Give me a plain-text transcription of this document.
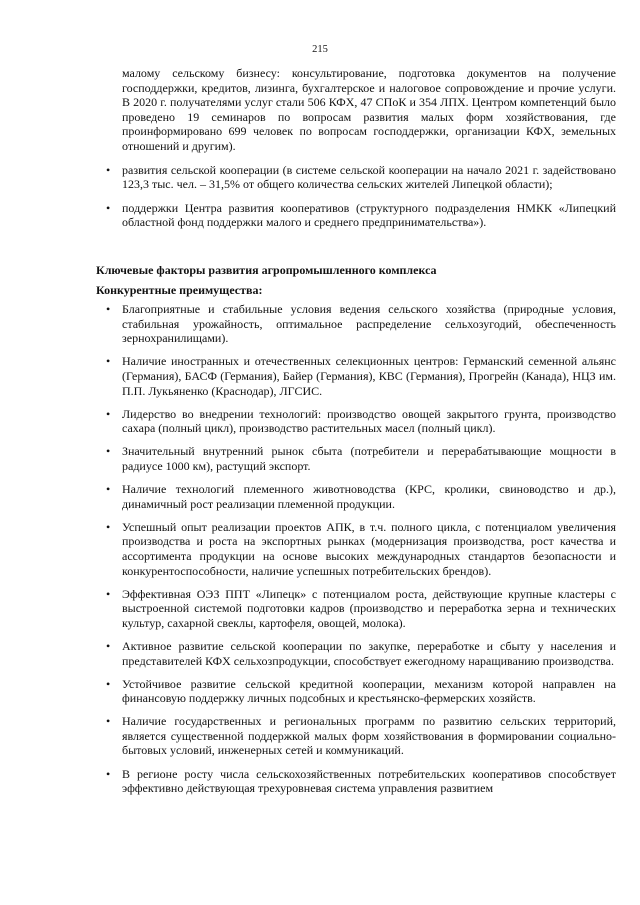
215

малому сельскому бизнесу: консультирование, подготовка документов на получение господдержки, кредитов, лизинга, бухгалтерское и налоговое сопровождение и прочие услуги. В 2020 г. получателями услуг стали 506 КФХ, 47 СПоК и 354 ЛПХ. Центром компетенций было проведено 19 семинаров по вопросам развития малых форм хозяйствования, где проинформировано 699 человек по вопросам господдержки, организации КФХ, земельных отношений и другим).

• развития сельской кооперации (в системе сельской кооперации на начало 2021 г. задействовано 123,3 тыс. чел. – 31,5% от общего количества сельских жителей Липецкой области);
• поддержки Центра развития кооперативов (структурного подразделения НМКК «Липецкий областной фонд поддержки малого и среднего предпринимательства»).
Ключевые факторы развития агропромышленного комплекса
Конкурентные преимущества:
• Благоприятные и стабильные условия ведения сельского хозяйства (природные условия, стабильная урожайность, оптимальное распределение сельхозугодий, обеспеченность зернохранилищами).
• Наличие иностранных и отечественных селекционных центров: Германский семенной альянс (Германия), БАСФ (Германия), Байер (Германия), КВС (Германия), Прогрейн (Канада), НЦЗ им. П.П. Лукьяненко (Краснодар), ЛГСИС.
• Лидерство во внедрении технологий: производство овощей закрытого грунта, производство сахара (полный цикл), производство растительных масел (полный цикл).
• Значительный внутренний рынок сбыта (потребители и перерабатывающие мощности в радиусе 1000 км), растущий экспорт.
• Наличие технологий племенного животноводства (КРС, кролики, свиноводство и др.), динамичный рост реализации племенной продукции.
• Успешный опыт реализации проектов АПК, в т.ч. полного цикла, с потенциалом увеличения производства и роста на экспортных рынках (модернизация производства, рост качества и ассортимента продукции на основе высоких международных стандартов безопасности и конкурентоспособности, наличие успешных потребительских брендов).
• Эффективная ОЭЗ ППТ «Липецк» с потенциалом роста, действующие крупные кластеры с выстроенной системой подготовки кадров (производство и переработка зерна и технических культур, сахарной свеклы, картофеля, овощей, молока).
• Активное развитие сельской кооперации по закупке, переработке и сбыту у населения и представителей КФХ сельхозпродукции, способствует ежегодному наращиванию производства.
• Устойчивое развитие сельской кредитной кооперации, механизм которой направлен на финансовую поддержку личных подсобных и крестьянско-фермерских хозяйств.
• Наличие государственных и региональных программ по развитию сельских территорий, является существенной поддержкой малых форм хозяйствования в формировании социально-бытовых условий, инженерных сетей и коммуникаций.
• В регионе росту числа сельскохозяйственных потребительских кооперативов способствует эффективно действующая трехуровневая система управления развитием
